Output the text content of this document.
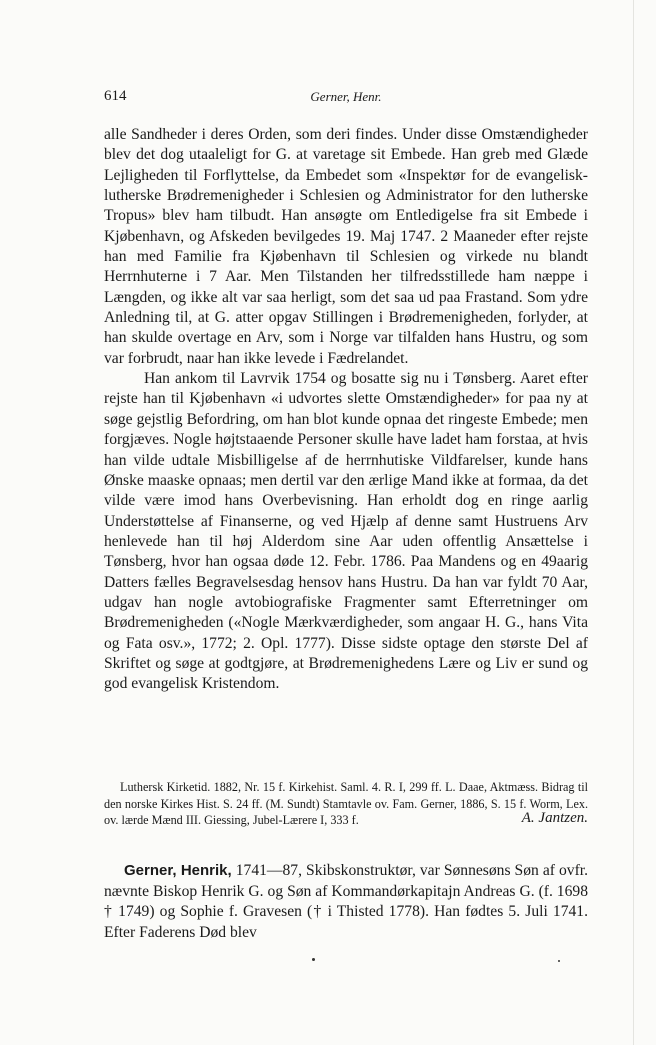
614	Gerner, Henr.

alle Sandheder i deres Orden, som deri findes. Under disse Omstændigheder blev det dog utaaleligt for G. at varetage sit Embede. Han greb med Glæde Lejligheden til Forflyttelse, da Embedet som «Inspektør for de evangelisk-lutherske Brødremenigheder i Schlesien og Administrator for den lutherske Tropus» blev ham tilbudt. Han ansøgte om Entledigelse fra sit Embede i Kjøbenhavn, og Afskeden bevilgedes 19. Maj 1747. 2 Maaneder efter rejste han med Familie fra Kjøbenhavn til Schlesien og virkede nu blandt Herrnhuterne i 7 Aar. Men Tilstanden her tilfredsstillede ham næppe i Længden, og ikke alt var saa herligt, som det saa ud paa Frastand. Som ydre Anledning til, at G. atter opgav Stillingen i Brødremenigheden, forlyder, at han skulde overtage en Arv, som i Norge var tilfalden hans Hustru, og som var forbrudt, naar han ikke levede i Fædrelandet.

Han ankom til Lavrvik 1754 og bosatte sig nu i Tønsberg. Aaret efter rejste han til Kjøbenhavn «i udvortes slette Omstændigheder» for paa ny at søge gejstlig Befordring, om han blot kunde opnaa det ringeste Embede; men forgjæves. Nogle højtstaaende Personer skulle have ladet ham forstaa, at hvis han vilde udtale Misbilligelse af de herrnhutiske Vildfarelser, kunde hans Ønske maaske opnaas; men dertil var den ærlige Mand ikke at formaa, da det vilde være imod hans Overbevisning. Han erholdt dog en ringe aarlig Understøttelse af Finanserne, og ved Hjælp af denne samt Hustruens Arv henlevede han til høj Alderdom sine Aar uden offentlig Ansættelse i Tønsberg, hvor han ogsaa døde 12. Febr. 1786. Paa Mandens og en 49aarig Datters fælles Begravelsesdag hensov hans Hustru. Da han var fyldt 70 Aar, udgav han nogle avtobiografiske Fragmenter samt Efterretninger om Brødremenigheden («Nogle Mærkværdigheder, som angaar H. G., hans Vita og Fata osv.», 1772; 2. Opl. 1777). Disse sidste optage den største Del af Skriftet og søge at godtgjøre, at Brødremenighedens Lære og Liv er sund og god evangelisk Kristendom.

Luthersk Kirketid. 1882, Nr. 15 f. Kirkehist. Saml. 4. R. I, 299 ff. L. Daae, Aktmæss. Bidrag til den norske Kirkes Hist. S. 24 ff. (M. Sundt) Stamtavle ov. Fam. Gerner, 1886, S. 15 f. Worm, Lex. ov. lærde Mænd III. Giessing, Jubel-Lærere I, 333 f.	A. Jantzen.

Gerner, Henrik, 1741—87, Skibskonstruktør, var Sønnesøns Søn af ovfr. nævnte Biskop Henrik G. og Søn af Kommandørkapitajn Andreas G. (f. 1698 † 1749) og Sophie f. Gravesen († i Thisted 1778). Han fødtes 5. Juli 1741. Efter Faderens Død blev
